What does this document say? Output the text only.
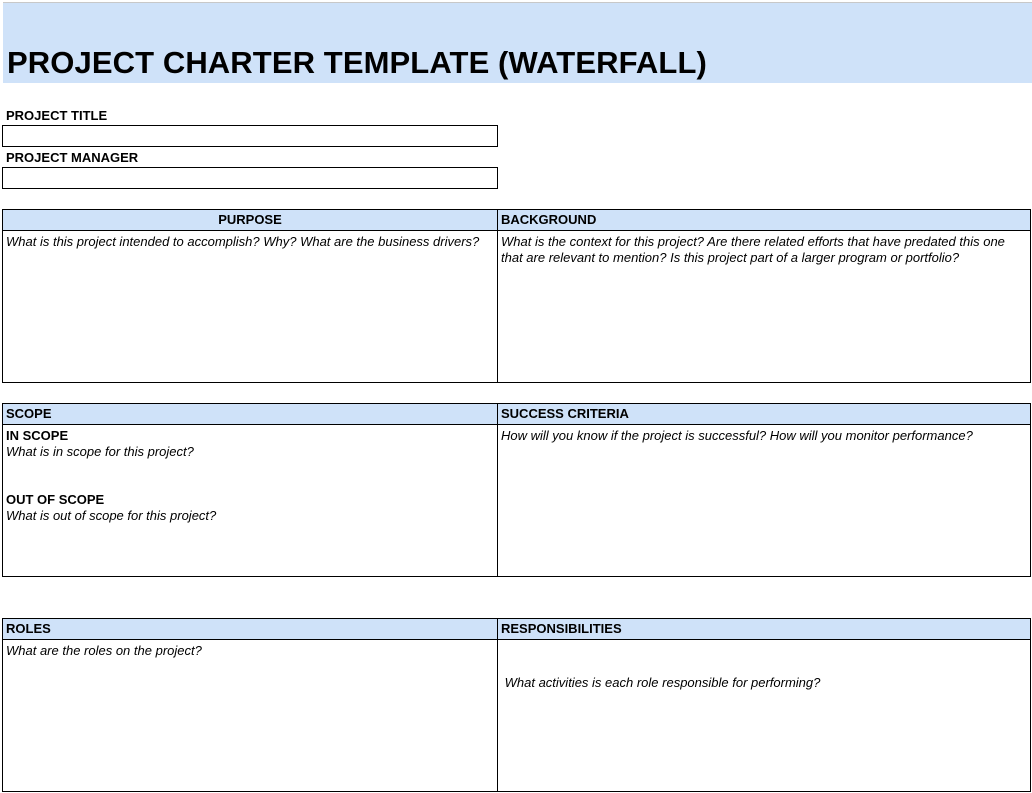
PROJECT CHARTER TEMPLATE (WATERFALL)
PROJECT TITLE
PROJECT MANAGER
PURPOSE
What is this project intended to accomplish? Why? What are the business drivers?
BACKGROUND
What is the context for this project? Are there related efforts that have predated this one that are relevant to mention? Is this project part of a larger program or portfolio?
SCOPE
IN SCOPE
What is in scope for this project?
OUT OF SCOPE
What is out of scope for this project?
SUCCESS CRITERIA
How will you know if the project is successful? How will you monitor performance?
ROLES
What are the roles on the project?
RESPONSIBILITIES

What activities is each role responsible for performing?
